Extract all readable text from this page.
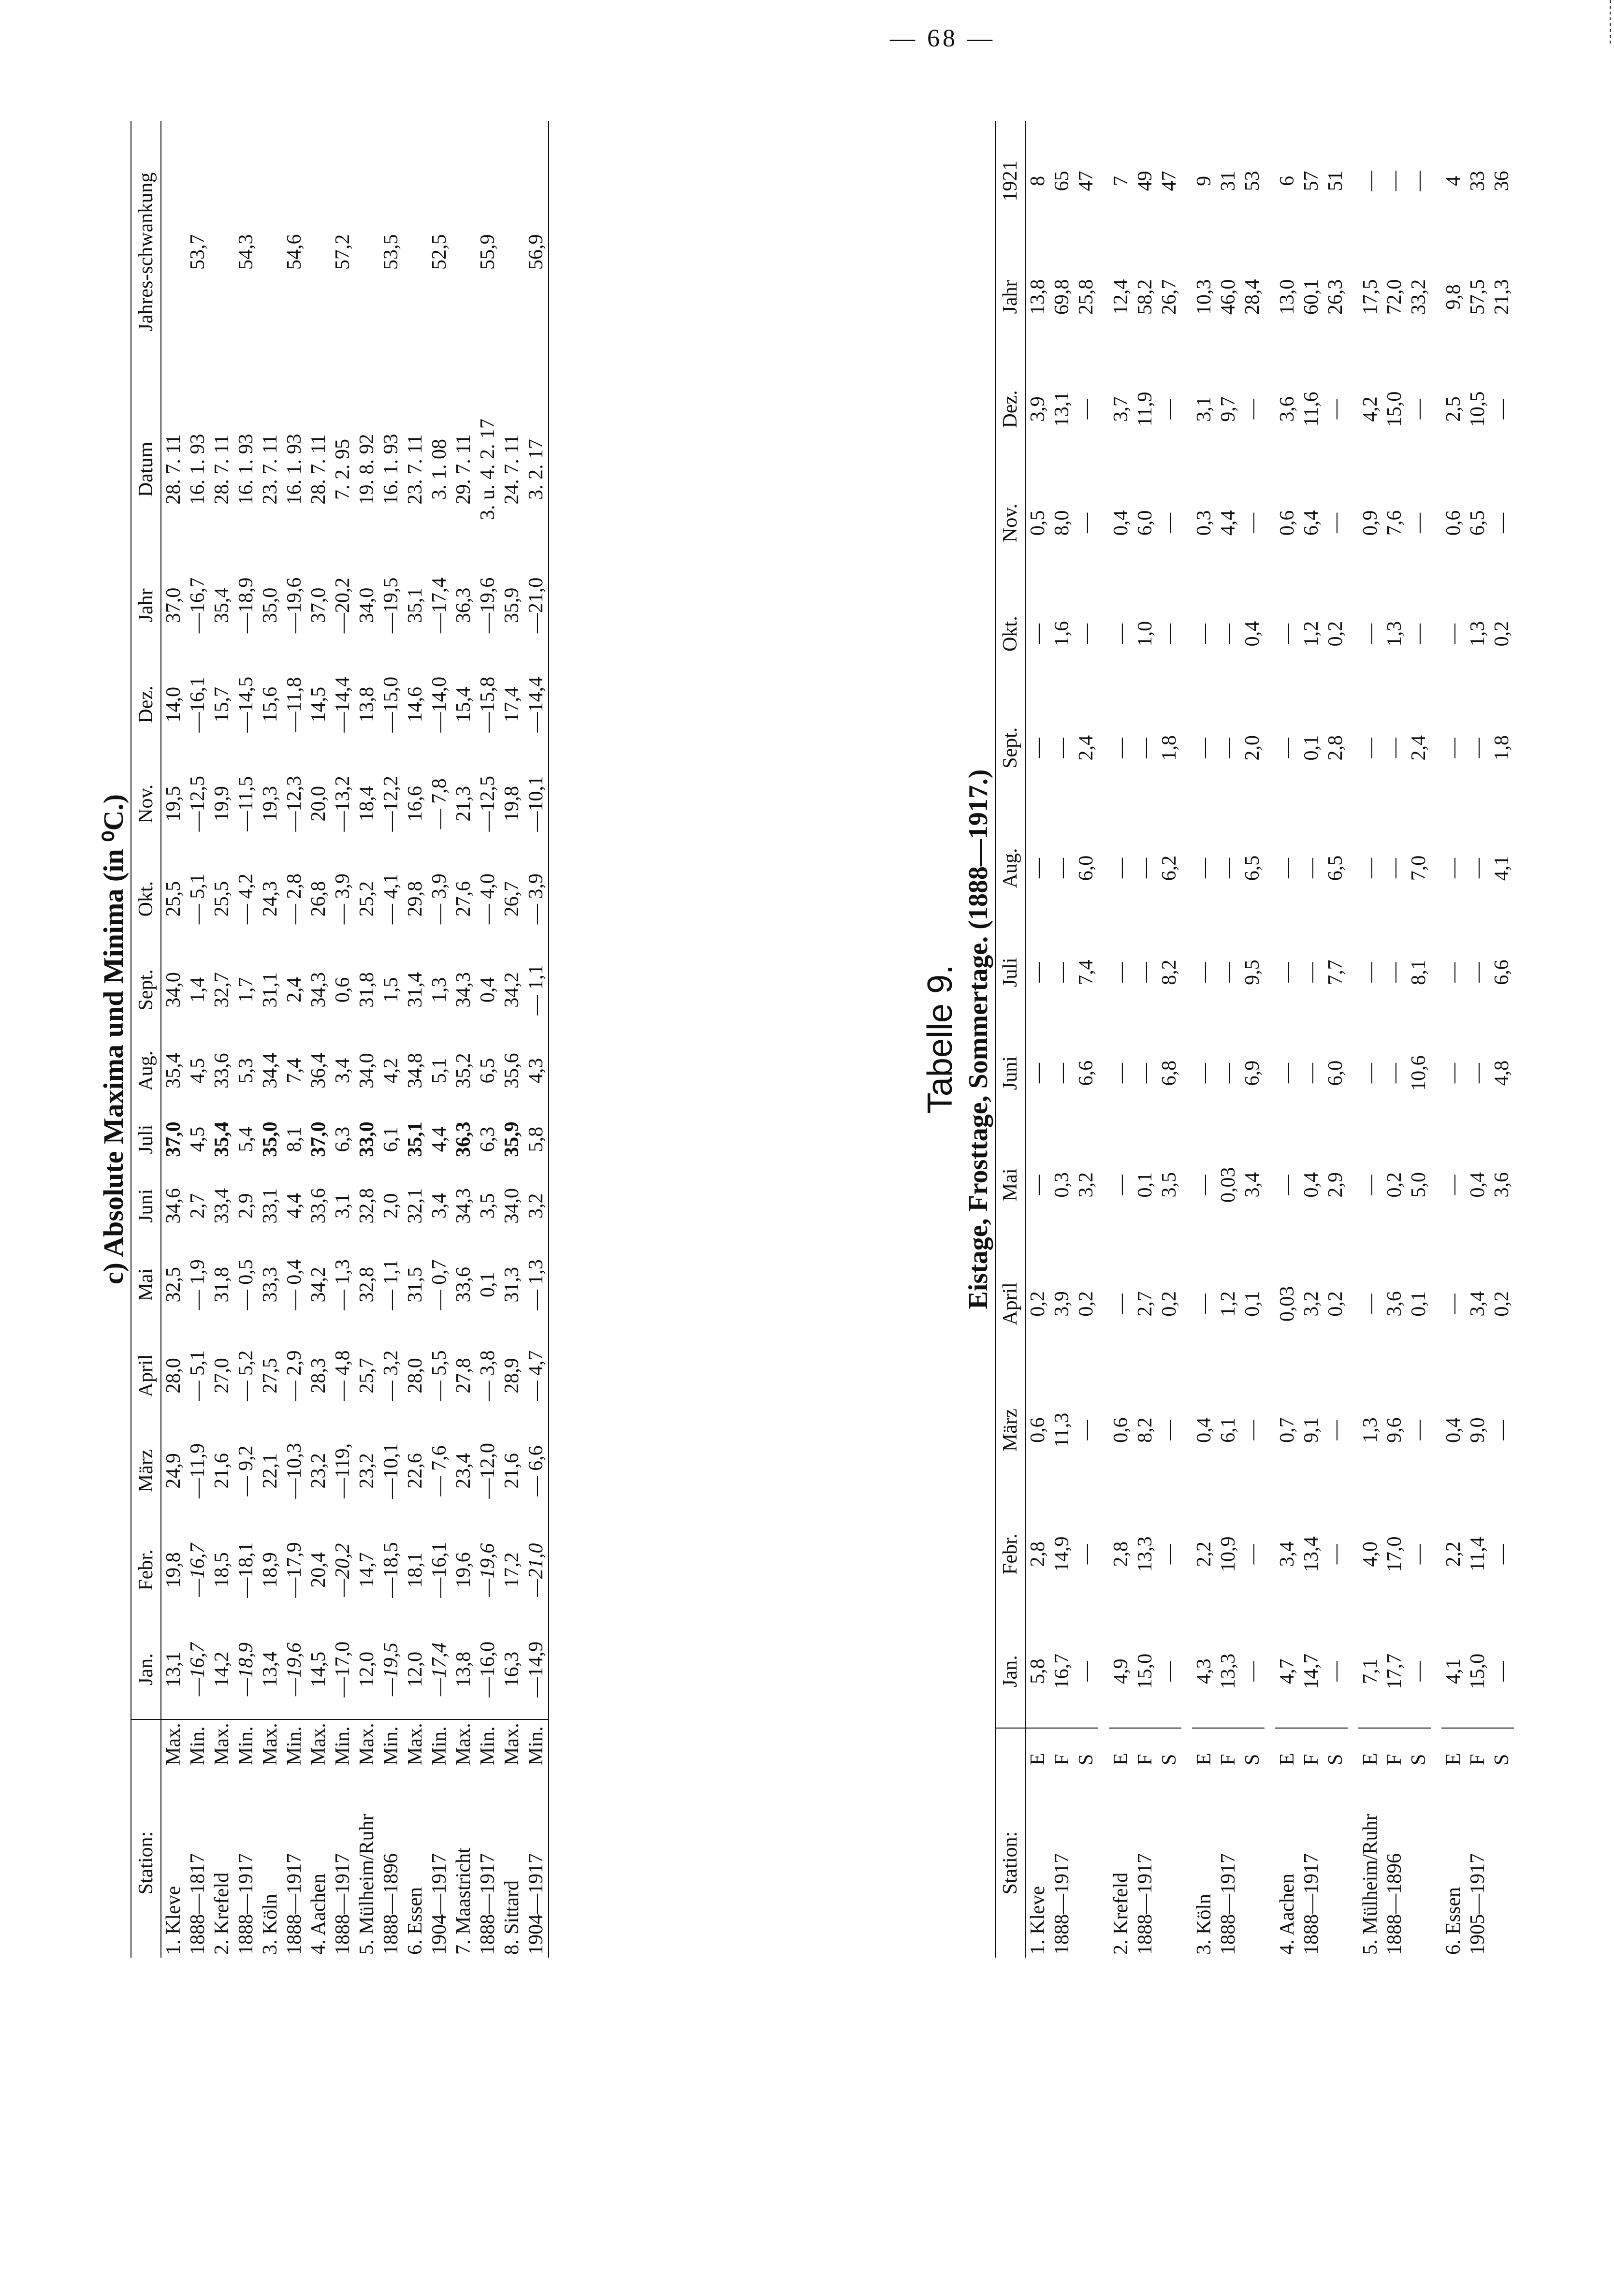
— 68 —
c) Absolute Maxima und Minima (in ⁰C.)
Station:		Jan.	Febr.	März	April	Mai	Juni	Juli	Aug.	Sept.	Okt.	Nov.	Dez.	Jahr	Datum	Jahres-schwankung
1. Kleve	Max.	13,1	19,8	24,9	28,0	32,5	34,6	37,0	35,4	34,0	25,5	19,5	14,0	37,0	28. 7. 11	
1888—1817	Min.	—16,7	—16,7	—11,9	— 5,1	— 1,9	2,7	4,5	4,5	1,4	— 5,1	—12,5	—16,1	—16,7	16. 1. 93	53,7
2. Krefeld	Max.	14,2	18,5	21,6	27,0	31,8	33,4	35,4	33,6	32,7	25,5	19,9	15,7	35,4	28. 7. 11	
1888—1917	Min.	—18,9	—18,1	— 9,2	— 5,2	— 0,5	2,9	5,4	5,3	1,7	— 4,2	—11,5	—14,5	—18,9	16. 1. 93	54,3
3. Köln	Max.	13,4	18,9	22,1	27,5	33,3	33,1	35,0	34,4	31,1	24,3	19,3	15,6	35,0	23. 7. 11	
1888—1917	Min.	—19,6	—17,9	—10,3	— 2,9	— 0,4	4,4	8,1	7,4	2,4	— 2,8	—12,3	—11,8	—19,6	16. 1. 93	54,6
4. Aachen	Max.	14,5	20,4	23,2	28,3	34,2	33,6	37,0	36,4	34,3	26,8	20,0	14,5	37,0	28. 7. 11	
1888—1917	Min.	—17,0	—20,2	—119,	— 4,8	— 1,3	3,1	6,3	3,4	0,6	— 3,9	—13,2	—14,4	—20,2	7. 2. 95	57,2
5. Mülheim/Ruhr	Max.	12,0	14,7	23,2	25,7	32,8	32,8	33,0	34,0	31,8	25,2	18,4	13,8	34,0	19. 8. 92	
1888—1896	Min.	—19,5	—18,5	—10,1	— 3,2	— 1,1	2,0	6,1	4,2	1,5	— 4,1	—12,2	—15,0	—19,5	16. 1. 93	53,5
6. Essen	Max.	12,0	18,1	22,6	28,0	31,5	32,1	35,1	34,8	31,4	29,8	16,6	14,6	35,1	23. 7. 11	
1904—1917	Min.	—17,4	—16,1	— 7,6	— 5,5	— 0,7	3,4	4,4	5,1	1,3	— 3,9	— 7,8	—14,0	—17,4	3. 1. 08	52,5
7. Maastricht	Max.	13,8	19,6	23,4	27,8	33,6	34,3	36,3	35,2	34,3	27,6	21,3	15,4	36,3	29. 7. 11	
1888—1917	Min.	—16,0	—19,6	—12,0	— 3,8	0,1	3,5	6,3	6,5	0,4	— 4,0	—12,5	—15,8	—19,6	3. u. 4. 2. 17	55,9
8. Sittard	Max.	16,3	17,2	21,6	28,9	31,3	34,0	35,9	35,6	34,2	26,7	19,8	17,4	35,9	24. 7. 11	
1904—1917	Min.	—14,9	—21,0	— 6,6	— 4,7	— 1,3	3,2	5,8	4,3	— 1,1	— 3,9	—10,1	—14,4	—21,0	3. 2. 17	56,9
Tabelle 9. Eistage, Frosttage, Sommertage. (1888—1917.)
Station:		Jan.	Febr.	März	April	Mai	Juni	Juli	Aug.	Sept.	Okt.	Nov.	Dez.	Jahr	1921
1. Kleve	E	5,8	2,8	0,6	0,2	—	—	—	—	—	—	0,5	3,9	13,8	8
1888—1917	F	16,7	14,9	11,3	3,9	0,3	—	—	—	—	1,6	8,0	13,1	69,8	65
	S	—	—	—	0,2	3,2	6,6	7,4	6,0	2,4	—	—	—	25,8	47

2. Krefeld	E	4,9	2,8	0,6	—	—	—	—	—	—	—	0,4	3,7	12,4	7
1888—1917	F	15,0	13,3	8,2	2,7	0,1	—	—	—	—	1,0	6,0	11,9	58,2	49
	S	—	—	—	0,2	3,5	6,8	8,2	6,2	1,8	—	—	—	26,7	47

3. Köln	E	4,3	2,2	0,4	—	—	—	—	—	—	—	0,3	3,1	10,3	9
1888—1917	F	13,3	10,9	6,1	1,2	0,03	—	—	—	—	—	4,4	9,7	46,0	31
	S	—	—	—	0,1	3,4	6,9	9,5	6,5	2,0	0,4	—	—	28,4	53

4. Aachen	E	4,7	3,4	0,7	0,03	—	—	—	—	—	—	0,6	3,6	13,0	6
1888—1917	F	14,7	13,4	9,1	3,2	0,4	—	—	—	0,1	1,2	6,4	11,6	60,1	57
	S	—	—	—	0,2	2,9	6,0	7,7	6,5	2,8	0,2	—	—	26,3	51

5. Mülheim/Ruhr	E	7,1	4,0	1,3	—	—	—	—	—	—	—	0,9	4,2	17,5	—
1888—1896	F	17,7	17,0	9,6	3,6	0,2	—	—	—	—	1,3	7,6	15,0	72,0	—
	S	—	—	—	0,1	5,0	10,6	8,1	7,0	2,4	—	—	—	33,2	—

6. Essen	E	4,1	2,2	0,4	—	—	—	—	—	—	—	0,6	2,5	9,8	4
1905—1917	F	15,0	11,4	9,0	3,4	0,4	—	—	—	—	1,3	6,5	10,5	57,5	33
	S	—	—	—	0,2	3,6	4,8	6,6	4,1	1,8	0,2	—	—	21,3	36
